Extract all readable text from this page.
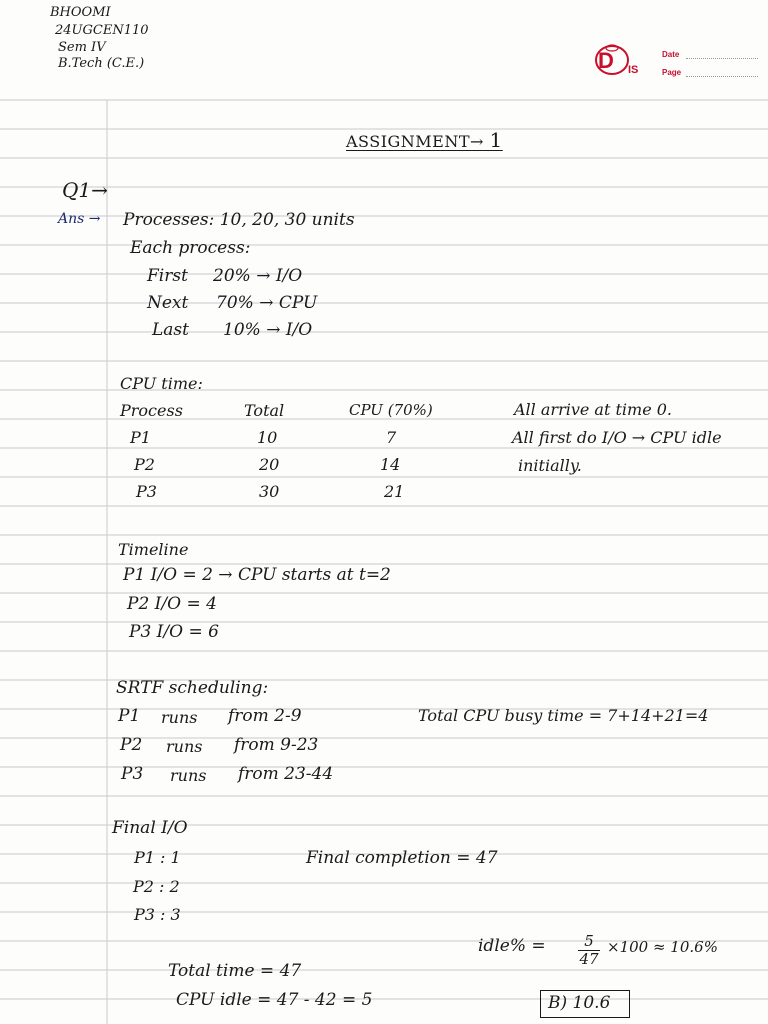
BHOOMI
24UGCEN110
Sem IV
B.Tech (C.E.)	D IS
Date
Page
ASSIGNMENT→ 1
Q1→
Ans → Processes: 10, 20, 30 units
Each process:
First 20% → I/O
Next 70% → CPU
Last 10% → I/O
CPU time:
Process	Total	CPU (70%)
P1	10	7
P2	20	14
P3	30	21
All arrive at time 0.
All first do I/O → CPU idle
initially.
Timeline
P1 I/O = 2 → CPU starts at t=2
P2 I/O = 4
P3 I/O = 6
SRTF scheduling:
P1 runs from 2-9
P2 runs from 9-23
P3 runs from 23-44
Total CPU busy time = 7+14+21=4
Final I/O
P1 : 1
P2 : 2
P3 : 3
Final completion = 47
idle% =	5
47
×100 ≈ 10.6%
Total time = 47
CPU idle = 47 - 42 = 5	B) 10.6
